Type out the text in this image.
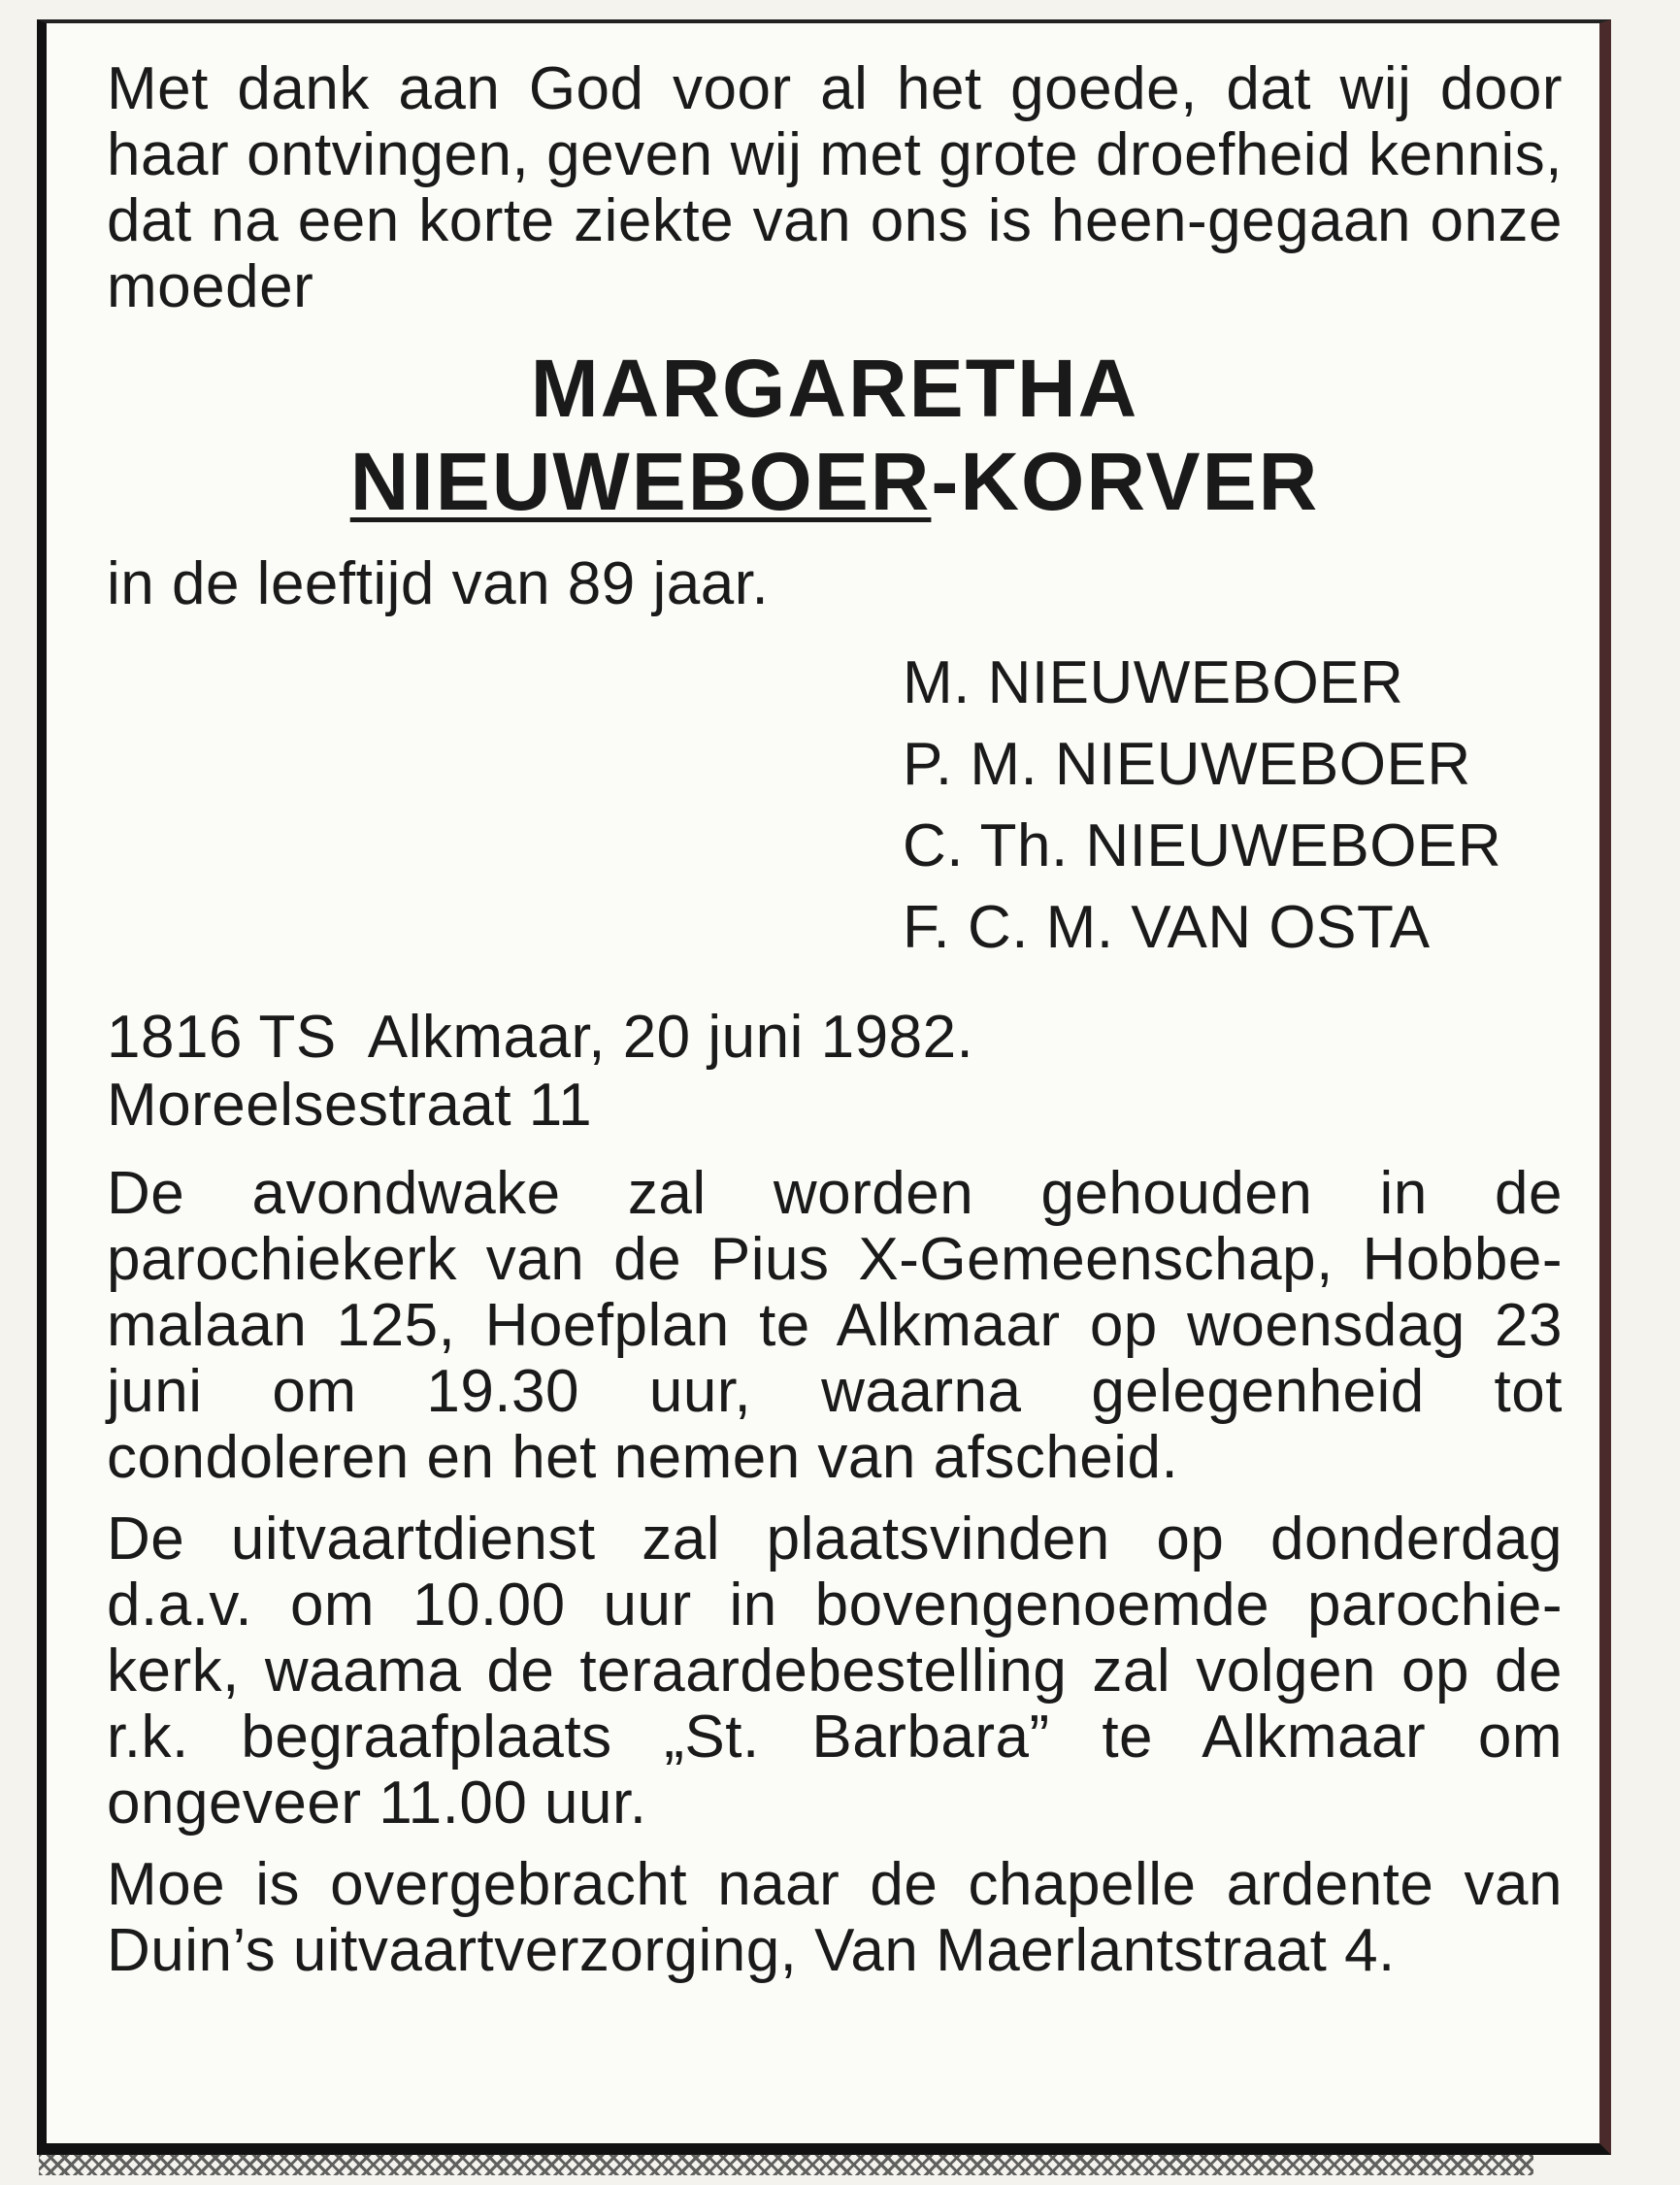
Met dank aan God voor al het goede, dat wij door haar ontvingen, geven wij met grote droefheid kennis, dat na een korte ziekte van ons is heen-gegaan onze moeder

MARGARETHA
NIEUWEBOER-KORVER

in de leeftijd van 89 jaar.

M. NIEUWEBOER
P. M. NIEUWEBOER
C. Th. NIEUWEBOER
F. C. M. VAN OSTA
1816 TS  Alkmaar, 20 juni 1982.
Moreelsestraat 11

De avondwake zal worden gehouden in de parochiekerk van de Pius X-Gemeenschap, Hobbe-malaan 125, Hoefplan te Alkmaar op woensdag 23 juni om 19.30 uur, waarna gelegenheid tot condoleren en het nemen van afscheid.

De uitvaartdienst zal plaatsvinden op donderdag d.a.v. om 10.00 uur in bovengenoemde parochie-kerk, waama de teraardebestelling zal volgen op de r.k. begraafplaats „St. Barbara” te Alkmaar om ongeveer 11.00 uur.

Moe is overgebracht naar de chapelle ardente van Duin’s uitvaartverzorging, Van Maerlantstraat 4.
